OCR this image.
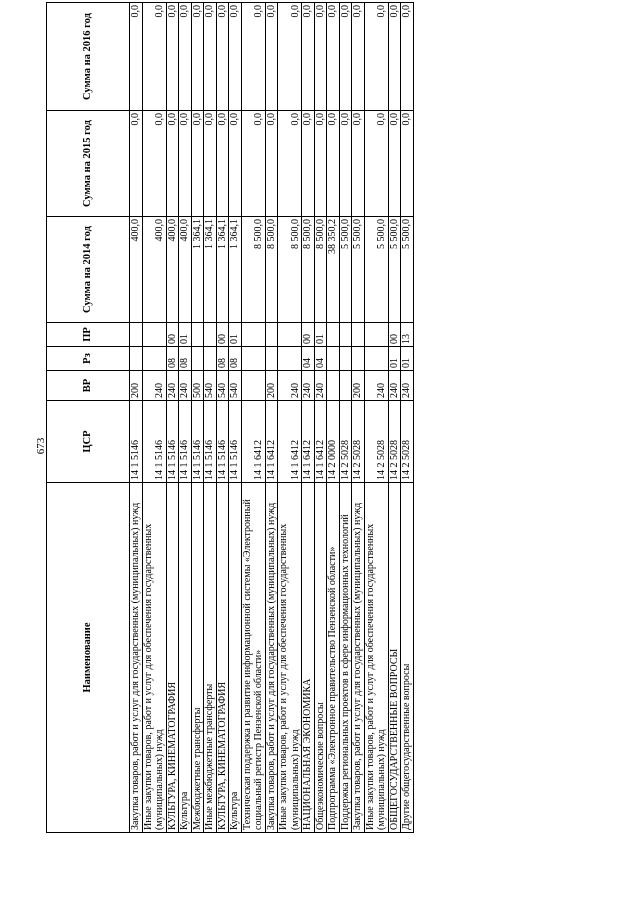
673
Наименование	ЦСР	ВР	Рз	ПР	Сумма на 2014 год	Сумма на 2015 год	Сумма на 2016 год
Закупка товаров, работ и услуг для государственных (муниципальных) нужд	14 1 5146	200			400,0	0,0	0,0
Иные закупки товаров, работ и услуг для обеспечения государственных (муниципальных) нужд	14 1 5146	240			400,0	0,0	0,0
КУЛЬТУРА, КИНЕМАТОГРАФИЯ	14 1 5146	240	08	00	400,0	0,0	0,0
Культура	14 1 5146	240	08	01	400,0	0,0	0,0
Межбюджетные трансферты	14 1 5146	500			1 364,1	0,0	0,0
Иные межбюджетные трансферты	14 1 5146	540			1 364,1	0,0	0,0
КУЛЬТУРА, КИНЕМАТОГРАФИЯ	14 1 5146	540	08	00	1 364,1	0,0	0,0
Культура	14 1 5146	540	08	01	1 364,1	0,0	0,0
Техническая поддержка и развитие информационной системы «Электронный социальный регистр Пензенской области»	14 1 6412				8 500,0	0,0	0,0
Закупка товаров, работ и услуг для государственных (муниципальных) нужд	14 1 6412	200			8 500,0	0,0	0,0
Иные закупки товаров, работ и услуг для обеспечения государственных (муниципальных) нужд	14 1 6412	240			8 500,0	0,0	0,0
НАЦИОНАЛЬНАЯ ЭКОНОМИКА	14 1 6412	240	04	00	8 500,0	0,0	0,0
Общеэкономические вопросы	14 1 6412	240	04	01	8 500,0	0,0	0,0
Подпрограмма «Электронное правительство Пензенской области»	14 2 0000				38 350,2	0,0	0,0
Поддержка региональных проектов в сфере информационных технологий	14 2 5028				5 500,0	0,0	0,0
Закупка товаров, работ и услуг для государственных (муниципальных) нужд	14 2 5028	200			5 500,0	0,0	0,0
Иные закупки товаров, работ и услуг для обеспечения государственных (муниципальных) нужд	14 2 5028	240			5 500,0	0,0	0,0
ОБЩЕГОСУДАРСТВЕННЫЕ ВОПРОСЫ	14 2 5028	240	01	00	5 500,0	0,0	0,0
Другие общегосударственные вопросы	14 2 5028	240	01	13	5 500,0	0,0	0,0
